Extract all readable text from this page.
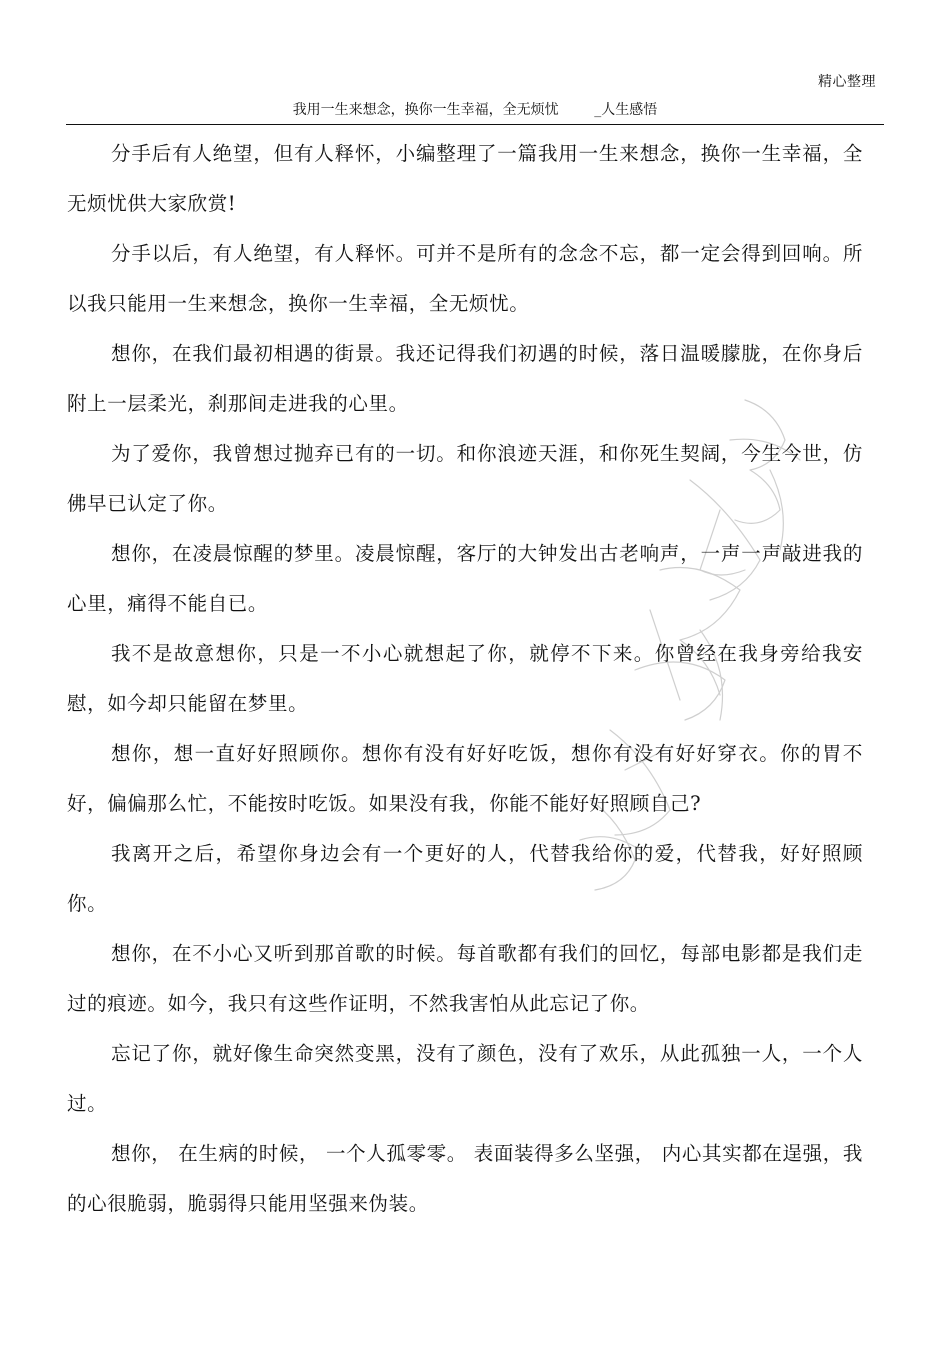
精心整理
我用一生来想念，换你一生幸福，全无烦忧        _人生感悟

分手后有人绝望，但有人释怀，小编整理了一篇我用一生来想念，换你一生幸福，全无烦忧供大家欣赏!

分手以后，有人绝望，有人释怀。可并不是所有的念念不忘，都一定会得到回响。所以我只能用一生来想念，换你一生幸福，全无烦忧。

想你，在我们最初相遇的街景。我还记得我们初遇的时候，落日温暖朦胧，在你身后附上一层柔光，刹那间走进我的心里。

为了爱你，我曾想过抛弃已有的一切。和你浪迹天涯，和你死生契阔，今生今世，仿佛早已认定了你。

想你，在凌晨惊醒的梦里。凌晨惊醒，客厅的大钟发出古老响声，一声一声敲进我的心里，痛得不能自已。

我不是故意想你，只是一不小心就想起了你，就停不下来。你曾经在我身旁给我安慰，如今却只能留在梦里。

想你，想一直好好照顾你。想你有没有好好吃饭，想你有没有好好穿衣。你的胃不好，偏偏那么忙，不能按时吃饭。如果没有我，你能不能好好照顾自己?

我离开之后，希望你身边会有一个更好的人，代替我给你的爱，代替我，好好照顾你。

想你，在不小心又听到那首歌的时候。每首歌都有我们的回忆，每部电影都是我们走过的痕迹。如今，我只有这些作证明，不然我害怕从此忘记了你。

忘记了你，就好像生命突然变黑，没有了颜色，没有了欢乐，从此孤独一人，一个人过。

想你， 在生病的时候， 一个人孤零零。 表面装得多么坚强， 内心其实都在逞强，我的心很脆弱，脆弱得只能用坚强来伪装。
